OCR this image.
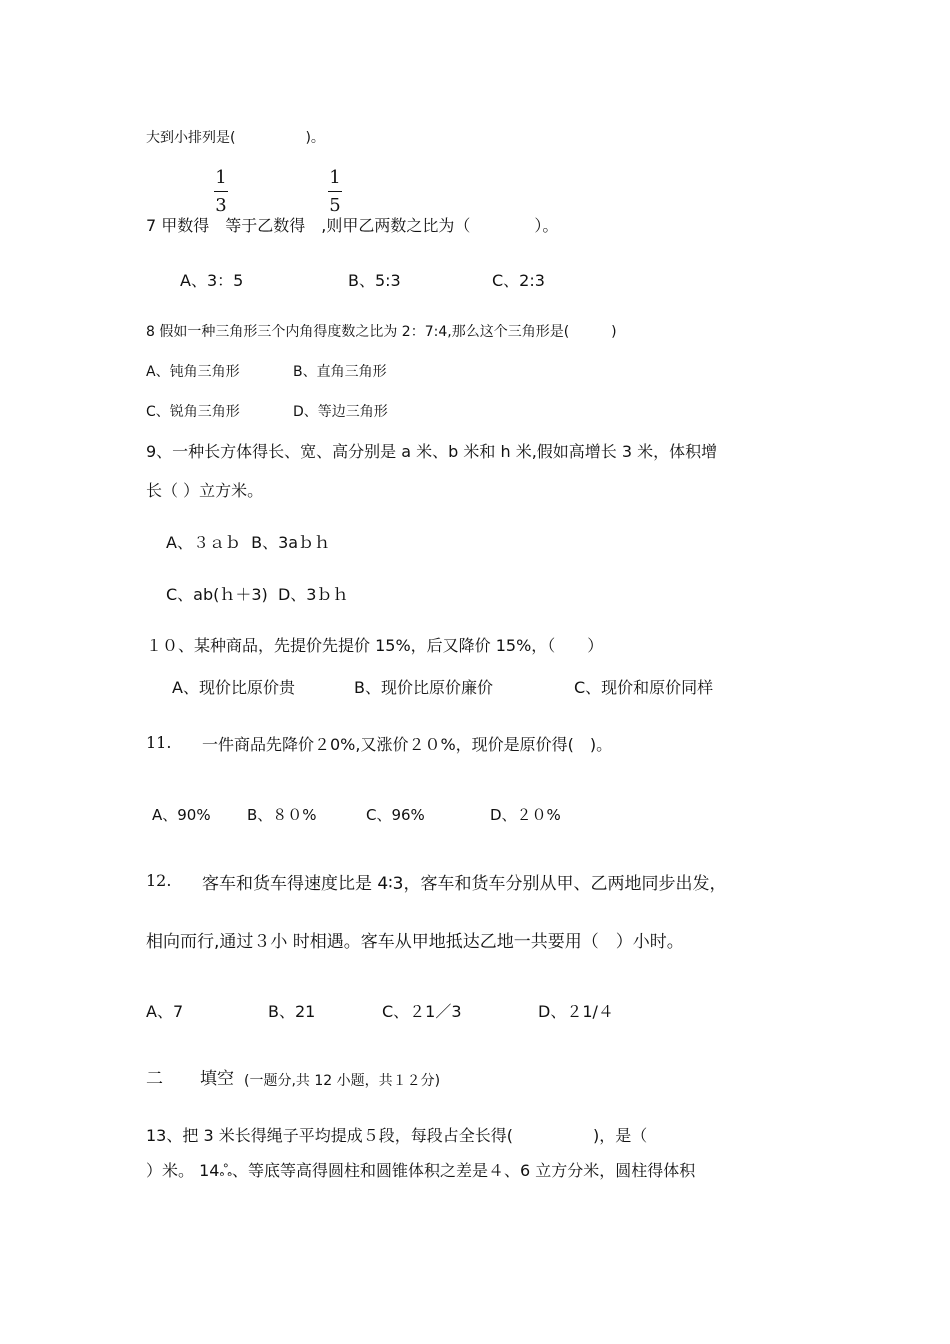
大到小排列是(　　　　　)。
1
3
1
5
7 甲数得　等于乙数得　,则甲乙两数之比为（　　　　）。
A、3：5	B、5:3	C、2:3
8 假如一种三角形三个内角得度数之比为 2：7:4,那么这个三角形是(　　　)
A、钝角三角形	B、直角三角形
C、锐角三角形	D、等边三角形
9、一种长方体得长、宽、高分别是 a 米、b 米和 h 米,假如高增长 3 米，体积增
长（ ）立方米。
A、３ａｂ  B、3aｂｈ
C、ab(ｈ＋3)  D、3ｂｈ
１０、某种商品，先提价先提价 15%，后又降价 15%，（　　）
A、现价比原价贵	B、现价比原价廉价	C、现价和原价同样
11. 一件商品先降价２0%,又涨价２０%，现价是原价得(　)。
A、90% B、８０%	C、96%	D、２０%
12. 客车和货车得速度比是 4∶3，客车和货车分别从甲、乙两地同步出发，
相向而行,通过３小 时相遇。客车从甲地抵达乙地一共要用（　）小时。
A、7	B、21	C、２1／3	D、２1/４
二 填空 (一题分,共 12 小题，共１２分)
13、把 3 米长得绳子平均提成５段，每段占全长得(　　　　　)，是（
）米。 14ஃ、等底等高得圆柱和圆锥体积之差是４、6 立方分米，圆柱得体积
